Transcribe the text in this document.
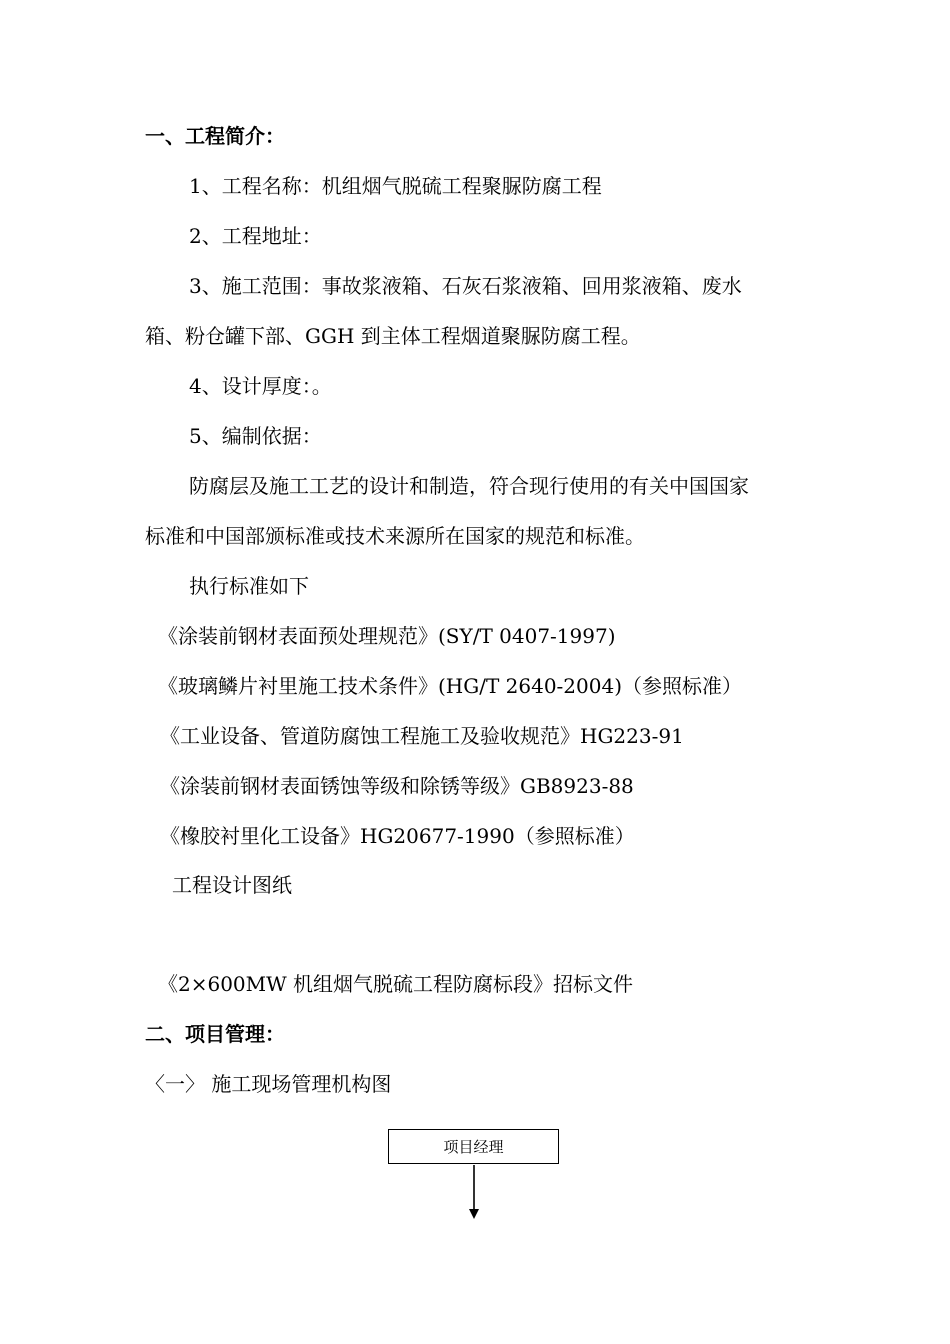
一、工程简介：
1、工程名称：机组烟气脱硫工程聚脲防腐工程
2、工程地址：
3、施工范围：事故浆液箱、石灰石浆液箱、回用浆液箱、废水
箱、粉仓罐下部、GGH 到主体工程烟道聚脲防腐工程。
4、设计厚度：。
5、编制依据：
防腐层及施工工艺的设计和制造，符合现行使用的有关中国国家
标准和中国部颁标准或技术来源所在国家的规范和标准。
执行标准如下
《涂装前钢材表面预处理规范》(SY/T 0407-1997)
《玻璃鳞片衬里施工技术条件》(HG/T 2640-2004)（参照标准）
《工业设备、管道防腐蚀工程施工及验收规范》HG223-91
《涂装前钢材表面锈蚀等级和除锈等级》GB8923-88
《橡胶衬里化工设备》HG20677-1990（参照标准）
工程设计图纸
《2×600MW 机组烟气脱硫工程防腐标段》招标文件
二、项目管理：
〈一〉 施工现场管理机构图
项目经理
